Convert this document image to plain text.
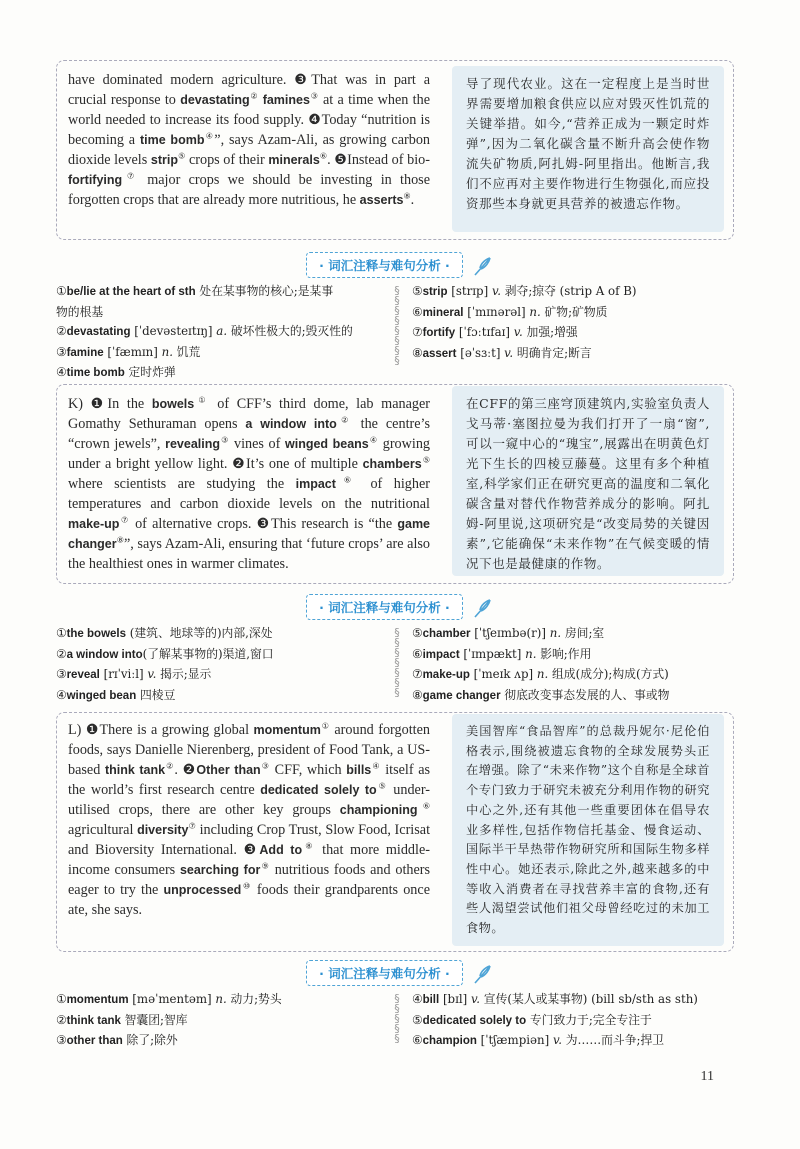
have dominated modern agriculture. ❸That was in part a crucial response to devastating② famines③ at a time when the world needed to increase its food supply. ❹Today “nutrition is becoming a time bomb④”, says Azam-Ali, as growing carbon dioxide levels strip⑤ crops of their minerals⑥. ❺Instead of bio-fortifying⑦ major crops we should be investing in those forgotten crops that are already more nutritious, he asserts⑧.
导了现代农业。这在一定程度上是当时世界需要增加粮食供应以应对毁灭性饥荒的关键举措。如今,“营养正成为一颗定时炸弹”,因为二氧化碳含量不断升高会使作物流失矿物质,阿扎姆-阿里指出。他断言,我们不应再对主要作物进行生物强化,而应投资那些本身就更具营养的被遗忘作物。
· 词汇注释与难句分析 ·
①be/lie at the heart of sth 处在某事物的核心;是某事
物的根基
②devastating [ˈdevəsteɪtɪŋ] a. 破坏性极大的;毁灭性的
③famine [ˈfæmɪn] n. 饥荒
④time bomb 定时炸弹
§
§
§
§
§
§
§
§
⑤strip [strɪp] v. 剥夺;掠夺 (strip A of B)
⑥mineral [ˈmɪnərəl] n. 矿物;矿物质
⑦fortify [ˈfɔːtɪfaɪ] v. 加强;增强
⑧assert [əˈsɜːt] v. 明确肯定;断言
K) ❶In the bowels① of CFF’s third dome, lab manager Gomathy Sethuraman opens a window into② the centre’s “crown jewels”, revealing③ vines of winged beans④ growing under a bright yellow light. ❷It’s one of multiple chambers⑤ where scientists are studying the impact⑥ of higher temperatures and carbon dioxide levels on the nutritional make-up⑦ of alternative crops. ❸This research is “the game changer⑧”, says Azam-Ali, ensuring that ‘future crops’ are also the healthiest ones in warmer climates.
在CFF的第三座穹顶建筑内,实验室负责人戈马蒂·塞图拉曼为我们打开了一扇“窗”,可以一窥中心的“瑰宝”,展露出在明黄色灯光下生长的四棱豆藤蔓。这里有多个种植室,科学家们正在研究更高的温度和二氧化碳含量对替代作物营养成分的影响。阿扎姆-阿里说,这项研究是“改变局势的关键因素”,它能确保“未来作物”在气候变暖的情况下也是最健康的作物。
· 词汇注释与难句分析 ·
①the bowels (建筑、地球等的)内部,深处
②a window into(了解某事物的)渠道,窗口
③reveal [rɪˈviːl] v. 揭示;显示
④winged bean 四棱豆
§
§
§
§
§
§
§
⑤chamber [ˈtʃeɪmbə(r)] n. 房间;室
⑥impact [ˈɪmpækt] n. 影响;作用
⑦make-up [ˈmeɪk ʌp] n. 组成(成分);构成(方式)
⑧game changer 彻底改变事态发展的人、事或物
L) ❶There is a growing global momentum① around forgotten foods, says Danielle Nierenberg, president of Food Tank, a US-based think tank②. ❷Other than③ CFF, which bills④ itself as the world’s first research centre dedicated solely to⑤ under-utilised crops, there are other key groups championing⑥ agricultural diversity⑦ including Crop Trust, Slow Food, Icrisat and Bioversity International. ❸Add to⑧ that more middle-income consumers searching for⑨ nutritious foods and others eager to try the unprocessed⑩ foods their grandparents once ate, she says.
美国智库“食品智库”的总裁丹妮尔·尼伦伯格表示,围绕被遗忘食物的全球发展势头正在增强。除了“未来作物”这个自称是全球首个专门致力于研究未被充分利用作物的研究中心之外,还有其他一些重要团体在倡导农业多样性,包括作物信托基金、慢食运动、国际半干旱热带作物研究所和国际生物多样性中心。她还表示,除此之外,越来越多的中等收入消费者在寻找营养丰富的食物,还有些人渴望尝试他们祖父母曾经吃过的未加工食物。
· 词汇注释与难句分析 ·
①momentum [məˈmentəm] n. 动力;势头
②think tank 智囊团;智库
③other than 除了;除外
§
§
§
§
§
④bill [bɪl] v. 宣传(某人或某事物) (bill sb/sth as sth)
⑤dedicated solely to 专门致力于;完全专注于
⑥champion [ˈtʃæmpiən] v. 为……而斗争;捍卫
11
